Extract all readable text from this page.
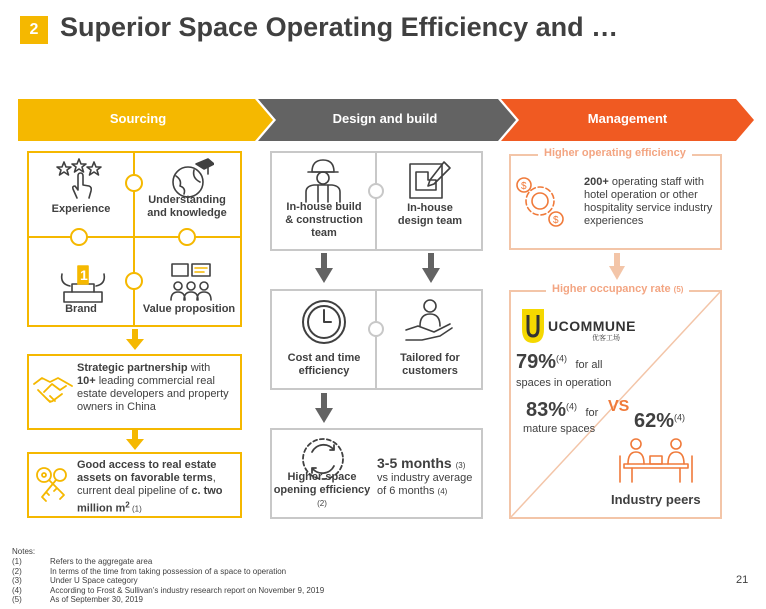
2 Superior Space Operating Efficiency and …
Sourcing	Design and build	Management
Experience
Understanding
and knowledge
1
Brand	Value proposition
Strategic partnership with
10+ leading commercial real estate developers and property owners in China
Good access to real estate assets on favorable terms, current deal pipeline of c. two million $m^2$ (1)
In-house build
& construction
team
In-house
design team
Cost and time
efficiency
Tailored for
customers
Higher space
opening efficiency (2)
3-5 months (3)
vs industry average
of 6 months (4)
Higher operating efficiency
$
$
200+ operating staff with hotel operation or other hospitality service industry experiences
Higher occupancy rate (5)
UCOMMUNE
优客工场
79%$^{(4)}$ for all
spaces in operation
83%$^{(4)}$ for VS
mature spaces 62%$^{(4)}$
Industry peers
Notes:
(1)	Refers to the aggregate area
(2)	In terms of the time from taking possession of a space to operation
(3)	Under U Space category
(4)	According to Frost & Sullivan’s industry research report on November 9, 2019
(5)	As of September 30, 2019
21
